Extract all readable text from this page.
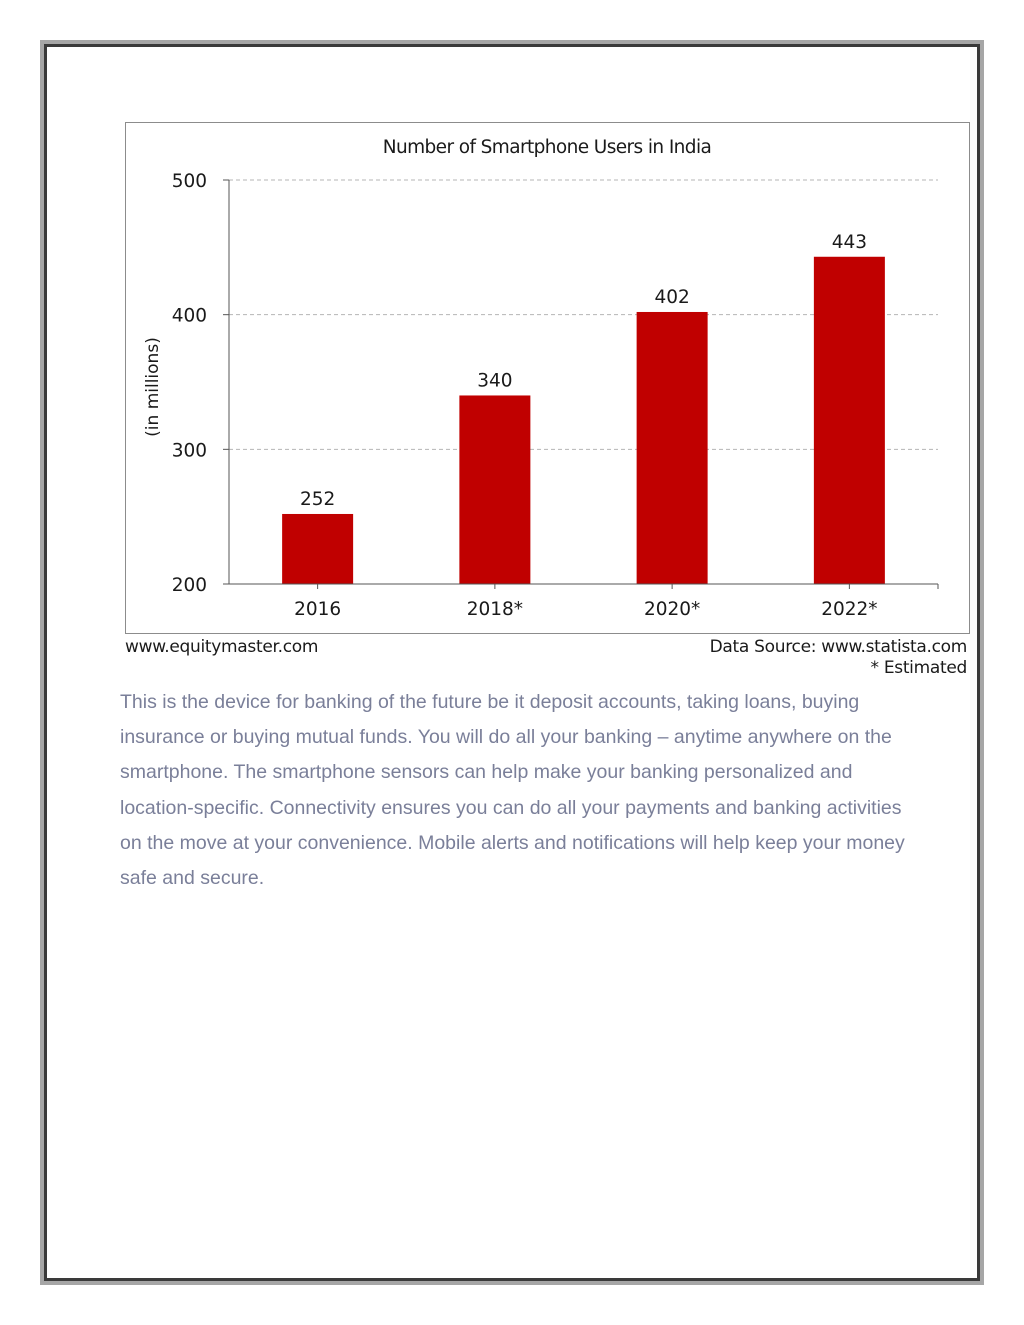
Number of Smartphone Users in India
(in millions)
200
300
400
500
252
2016
340
2018*
402
2020*
443
2022*
www.equitymaster.com	Data Source: www.statista.com
* Estimated

This is the device for banking of the future be it deposit accounts, taking loans, buying insurance or buying mutual funds. You will do all your banking – anytime anywhere on the smartphone. The smartphone sensors can help make your banking personalized and location-specific. Connectivity ensures you can do all your payments and banking activities on the move at your convenience. Mobile alerts and notifications will help keep your money safe and secure.
